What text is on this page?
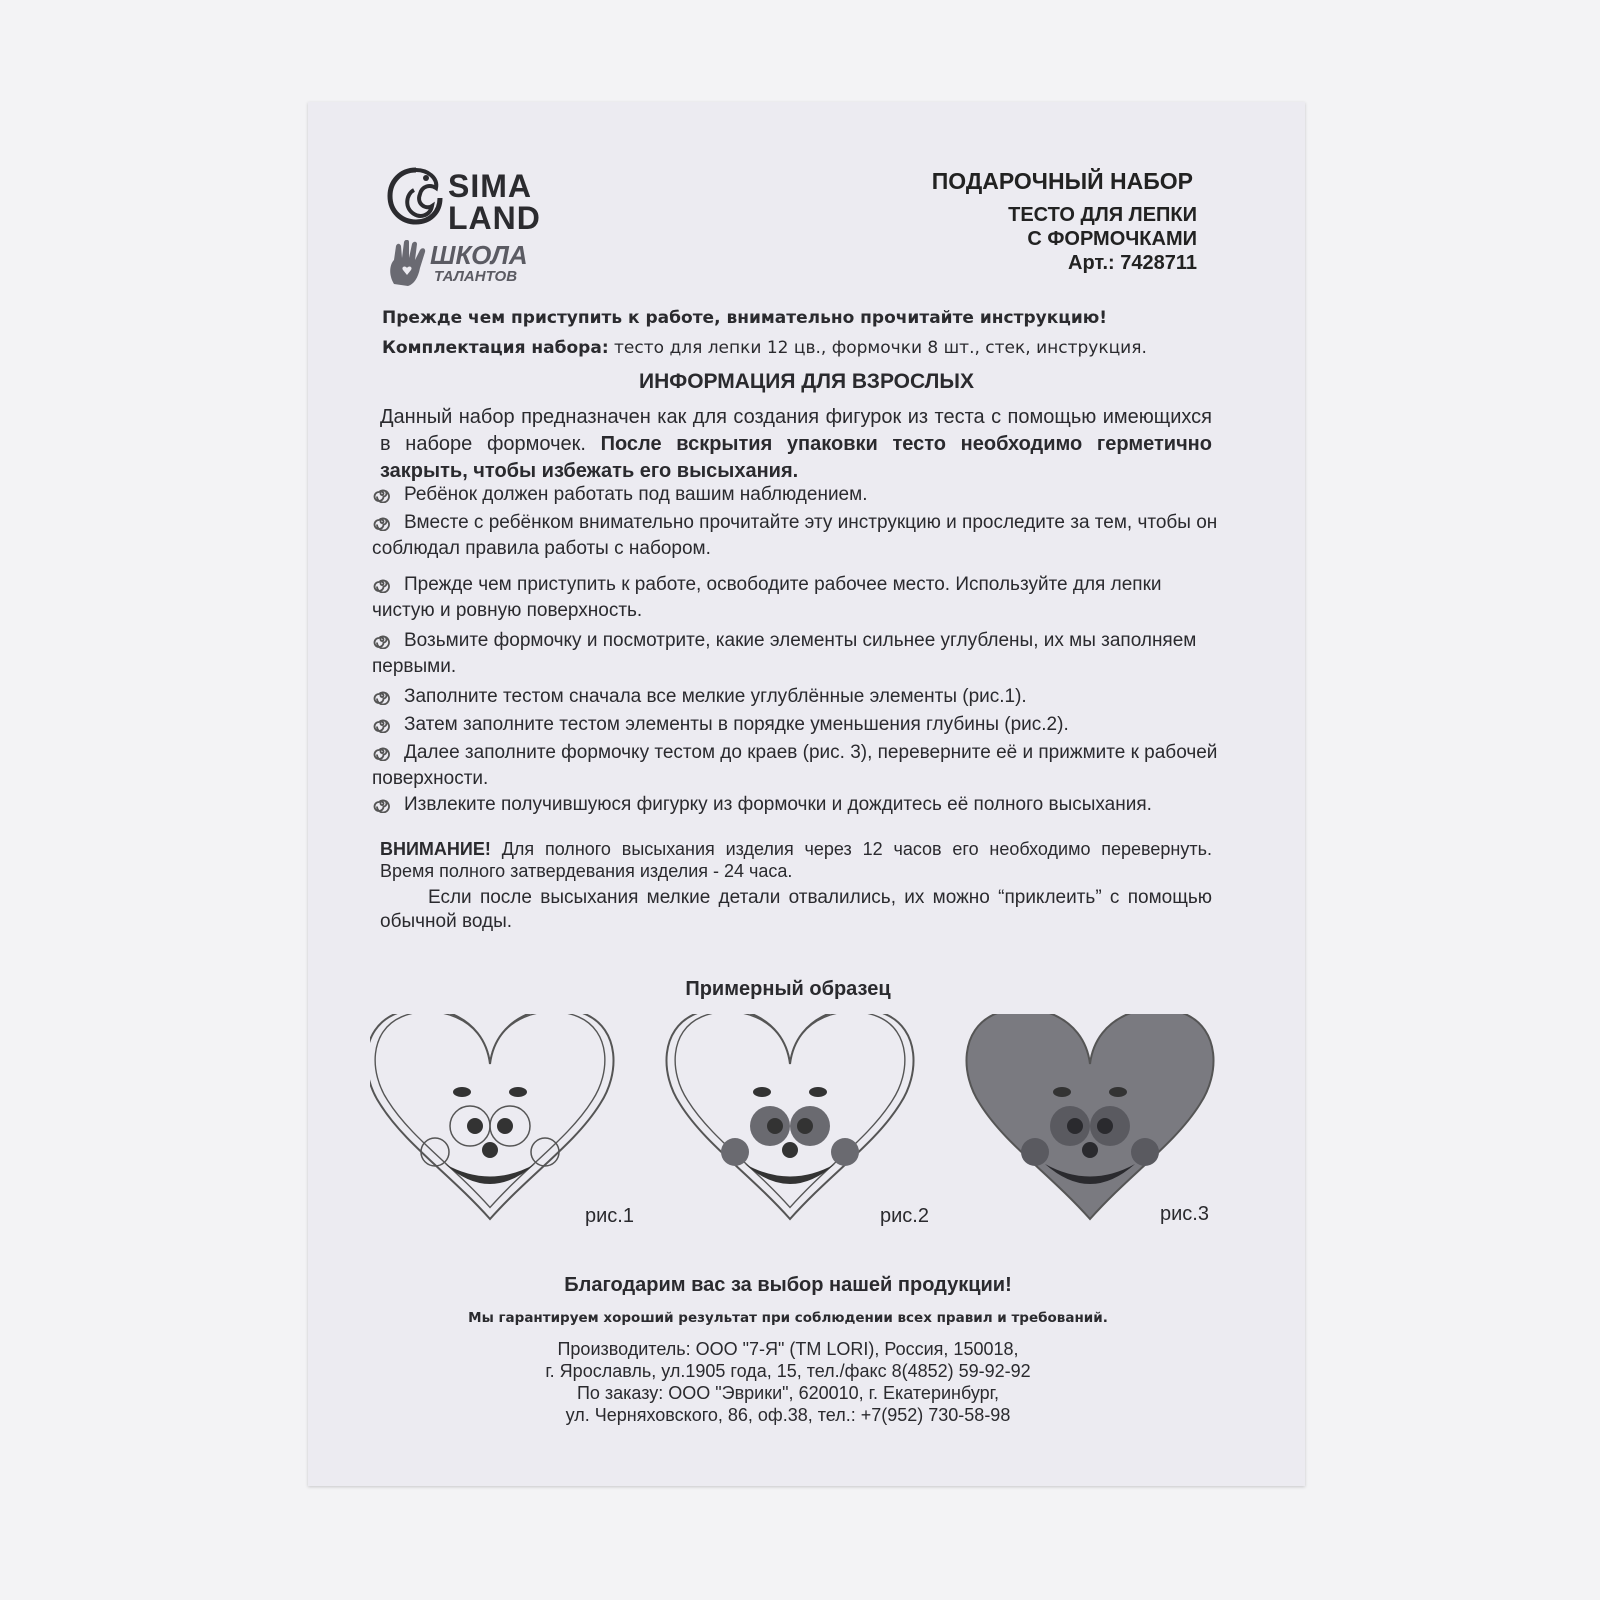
SIMA
LAND
ШКОЛА
ТАЛАНТОВ
ПОДАРОЧНЫЙ НАБОР
ТЕСТО ДЛЯ ЛЕПКИ
С ФОРМОЧКАМИ
Арт.: 7428711
Прежде чем приступить к работе, внимательно прочитайте инструкцию!
Комплектация набора: тесто для лепки 12 цв., формочки 8 шт., стек, инструкция.
ИНФОРМАЦИЯ ДЛЯ ВЗРОСЛЫХ
Данный набор предназначен как для создания фигурок из теста с помощью имеющихся в наборе формочек. После вскрытия упаковки тесто необходимо герметично закрыть, чтобы избежать его высыхания.
Ребёнок должен работать под вашим наблюдением.
Вместе с ребёнком внимательно прочитайте эту инструкцию и проследите за тем, чтобы он соблюдал правила работы с набором.
Прежде чем приступить к работе, освободите рабочее место. Используйте для лепки чистую и ровную поверхность.
Возьмите формочку и посмотрите, какие элементы сильнее углублены, их мы заполняем первыми.
Заполните тестом сначала все мелкие углублённые элементы (рис.1).
Затем заполните тестом элементы в порядке уменьшения глубины (рис.2).
Далее заполните формочку тестом до краев (рис. 3), переверните её и прижмите к рабочей поверхности.
Извлеките получившуюся фигурку из формочки и дождитесь её полного высыхания.
ВНИМАНИЕ! Для полного высыхания изделия через 12 часов его необходимо перевернуть. Время полного затвердевания изделия - 24 часа.
Если после высыхания мелкие детали отвалились, их можно “приклеить” с помощью обычной воды.
Примерный образец
рис.1	рис.2	рис.3
Благодарим вас за выбор нашей продукции!
Мы гарантируем хороший результат при соблюдении всех правил и требований.
Производитель: ООО "7-Я" (ТМ LORI), Россия, 150018,
г. Ярославль, ул.1905 года, 15, тел./факс 8(4852) 59-92-92
По заказу: ООО "Эврики", 620010, г. Екатеринбург,
ул. Черняховского, 86, оф.38, тел.: +7(952) 730-58-98
